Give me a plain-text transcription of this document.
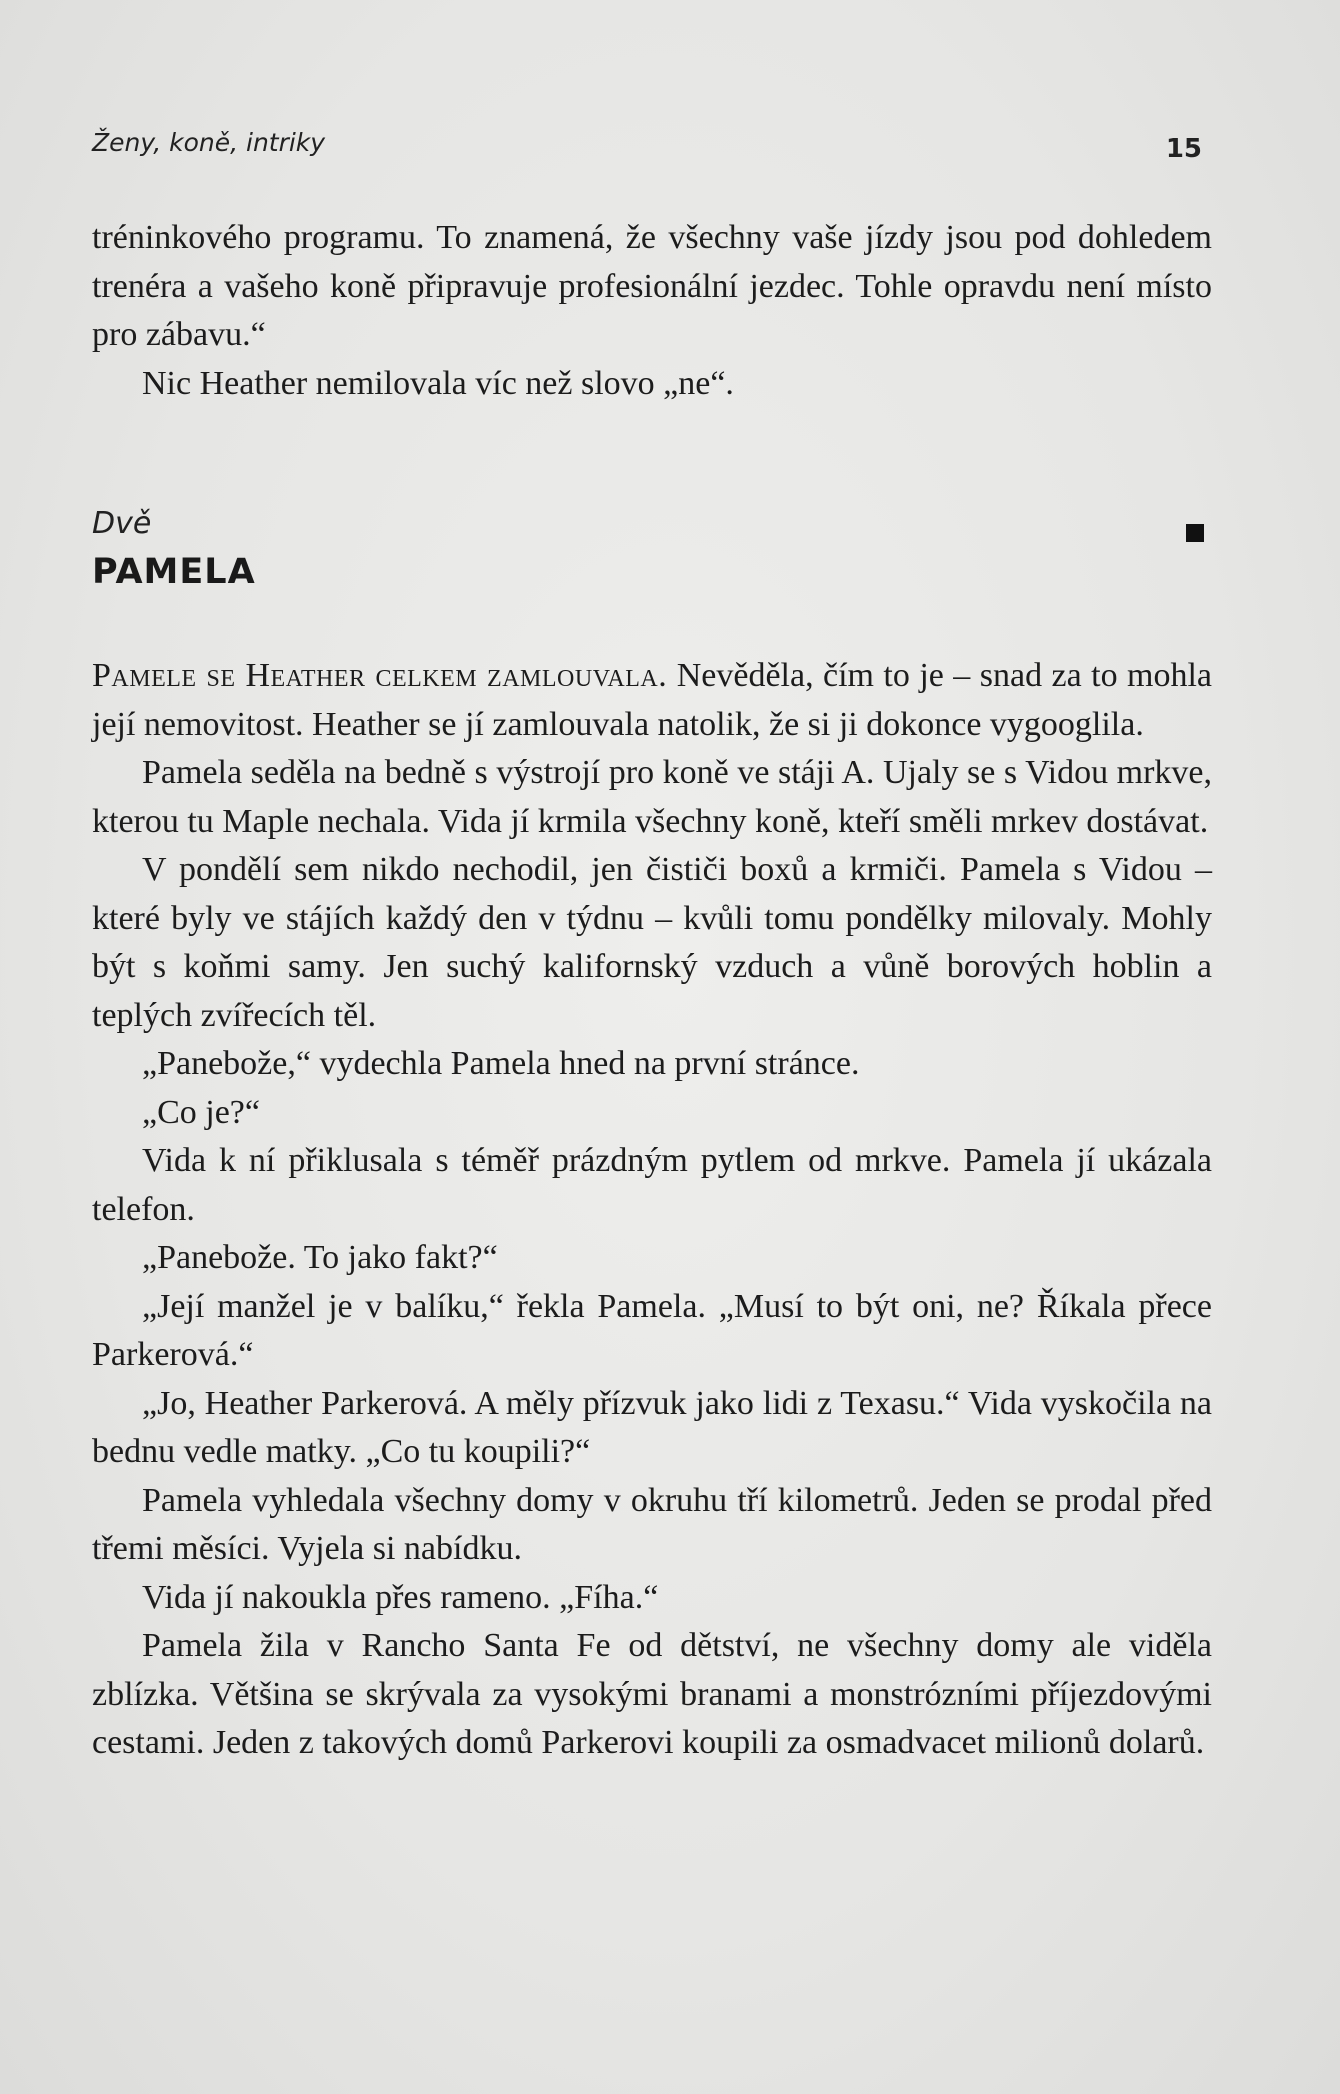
Ženy, koně, intriky	15

tréninkového programu. To znamená, že všechny vaše jízdy jsou pod dohledem trenéra a vašeho koně připravuje profesionální jezdec. Tohle opravdu není místo pro zábavu.“

Nic Heather nemilovala víc než slovo „ne“.

Dvě
PAMELA

Pamele se Heather celkem zamlouvala. Nevěděla, čím to je – snad za to mohla její nemovitost. Heather se jí zamlouvala natolik, že si ji dokonce vygooglila.

Pamela seděla na bedně s výstrojí pro koně ve stáji A. Ujaly se s Vidou mrkve, kterou tu Maple nechala. Vida jí krmila všechny koně, kteří směli mrkev dostávat.

V pondělí sem nikdo nechodil, jen čističi boxů a krmiči. Pamela s Vidou – které byly ve stájích každý den v týdnu – kvůli tomu pondělky milovaly. Mohly být s koňmi samy. Jen suchý kalifornský vzduch a vůně borových hoblin a teplých zvířecích těl.

„Panebože,“ vydechla Pamela hned na první stránce.

„Co je?“

Vida k ní přiklusala s téměř prázdným pytlem od mrkve. Pamela jí ukázala telefon.

„Panebože. To jako fakt?“

„Její manžel je v balíku,“ řekla Pamela. „Musí to být oni, ne? Říkala přece Parkerová.“

„Jo, Heather Parkerová. A měly přízvuk jako lidi z Texasu.“ Vida vyskočila na bednu vedle matky. „Co tu koupili?“

Pamela vyhledala všechny domy v okruhu tří kilometrů. Jeden se prodal před třemi měsíci. Vyjela si nabídku.

Vida jí nakoukla přes rameno. „Fíha.“

Pamela žila v Rancho Santa Fe od dětství, ne všechny domy ale viděla zblízka. Většina se skrývala za vysokými branami a monstrózními příjezdovými cestami. Jeden z takových domů Parkerovi koupili za osmadvacet milionů dolarů.
